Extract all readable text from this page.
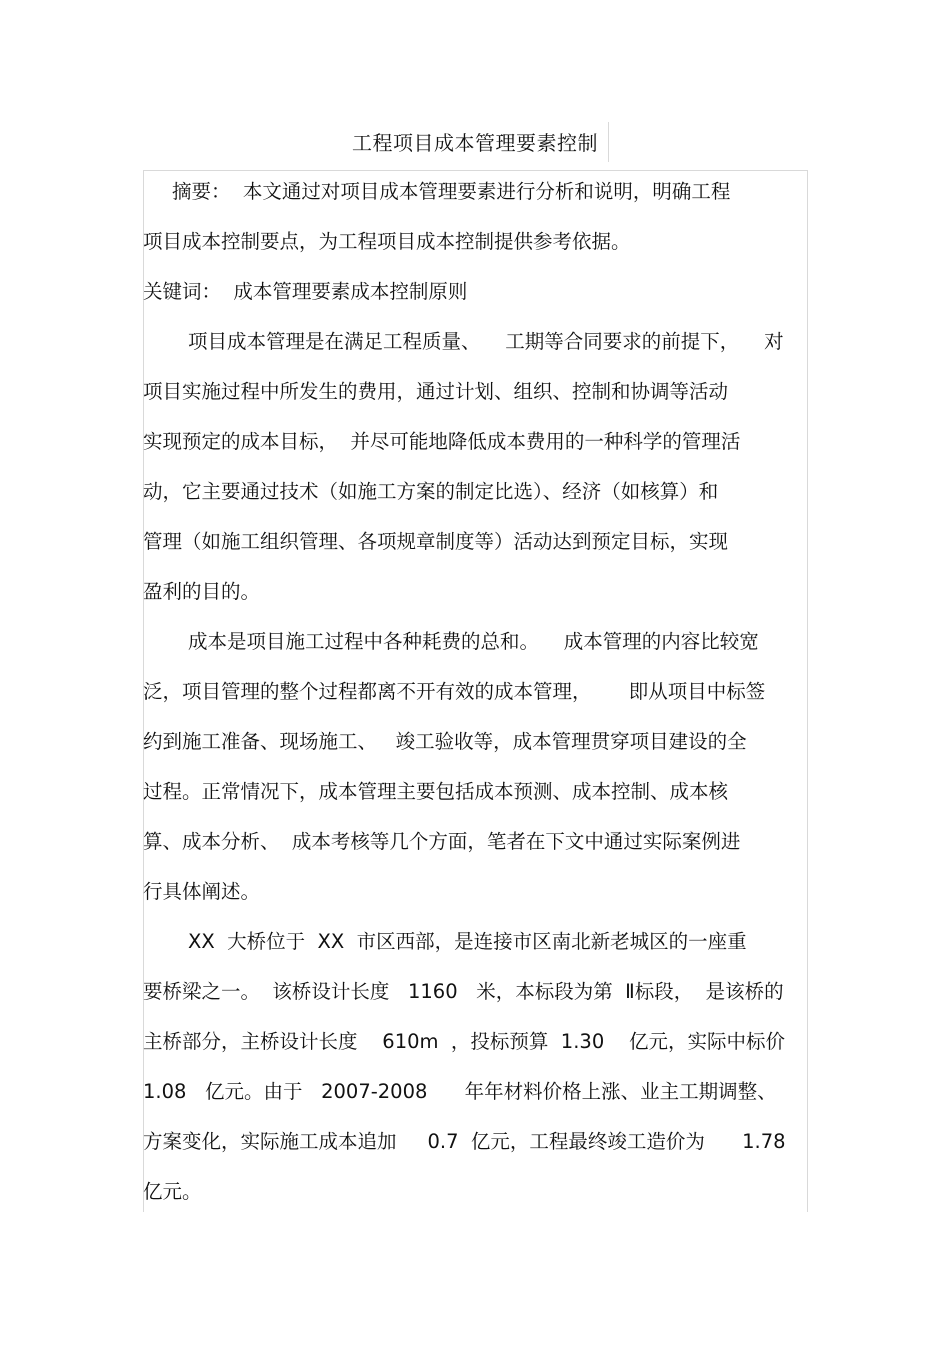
工程项目成本管理要素控制
摘要：  本文通过对项目成本管理要素进行分析和说明，明确工程
项目成本控制要点，为工程项目成本控制提供参考依据。
关键词：  成本管理要素成本控制原则
项目成本管理是在满足工程质量、    工期等合同要求的前提下，    对
项目实施过程中所发生的费用，通过计划、组织、控制和协调等活动
实现预定的成本目标，  并尽可能地降低成本费用的一种科学的管理活
动，它主要通过技术（如施工方案的制定比选）、经济（如核算）和
管理（如施工组织管理、各项规章制度等）活动达到预定目标，实现
盈利的目的。
成本是项目施工过程中各种耗费的总和。    成本管理的内容比较宽
泛，项目管理的整个过程都离不开有效的成本管理，      即从项目中标签
约到施工准备、现场施工、   竣工验收等，成本管理贯穿项目建设的全
过程。正常情况下，成本管理主要包括成本预测、成本控制、成本核
算、成本分析、  成本考核等几个方面，笔者在下文中通过实际案例进
行具体阐述。
XX  大桥位于  XX  市区西部，是连接市区南北新老城区的一座重
要桥梁之一。  该桥设计长度   1160   米，本标段为第  Ⅱ标段，  是该桥的
主桥部分，主桥设计长度    610m  ，投标预算  1.30    亿元，实际中标价
1.08   亿元。由于   2007-2008      年年材料价格上涨、业主工期调整、
方案变化，实际施工成本追加     0.7  亿元，工程最终竣工造价为      1.78
亿元。
